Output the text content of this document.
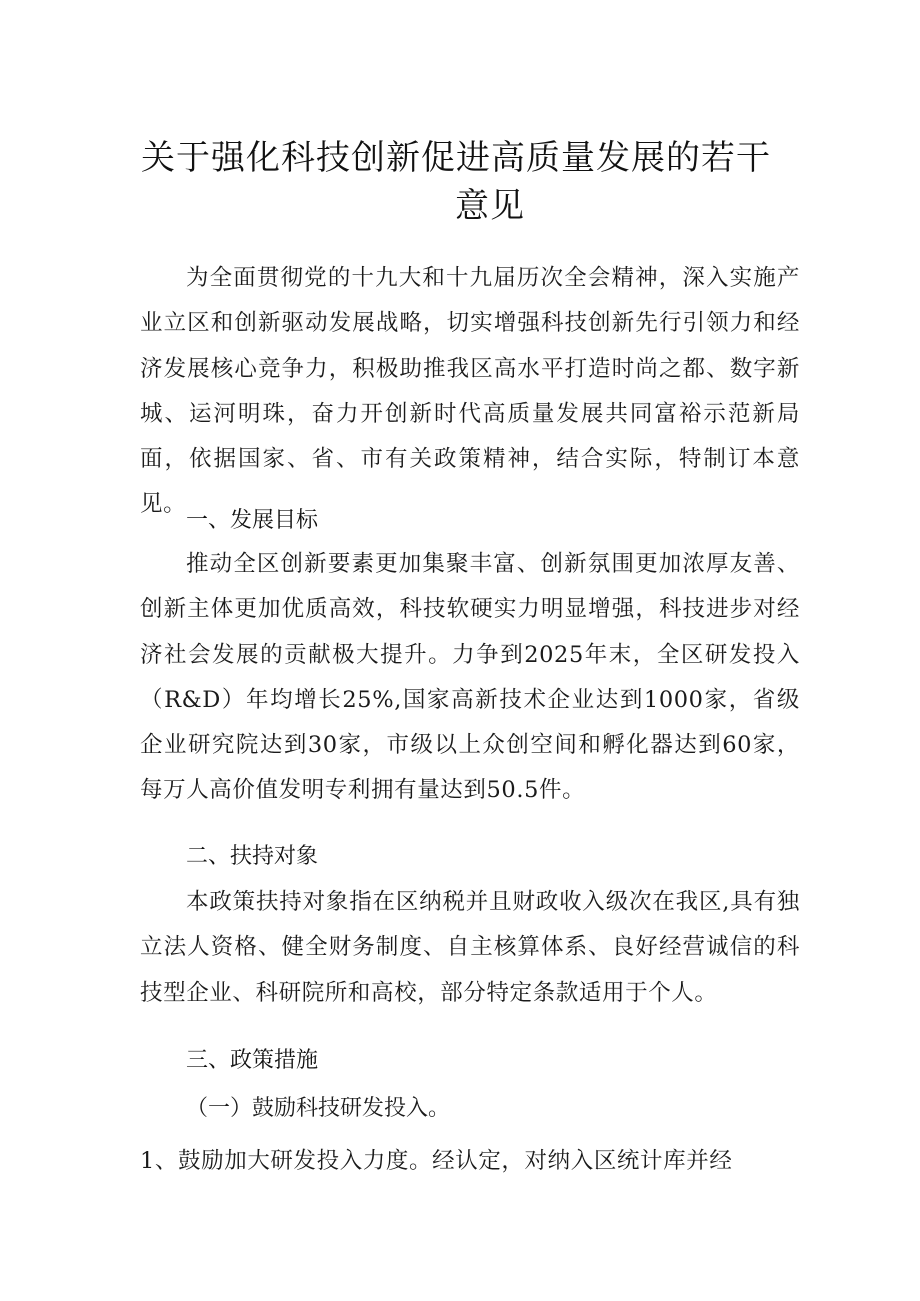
关于强化科技创新促进高质量发展的若干
意见

为全面贯彻党的十九大和十九届历次全会精神，深入实施产业立区和创新驱动发展战略，切实增强科技创新先行引领力和经济发展核心竞争力，积极助推我区高水平打造时尚之都、数字新城、运河明珠，奋力开创新时代高质量发展共同富裕示范新局面，依据国家、省、市有关政策精神，结合实际，特制订本意见。

一、发展目标

推动全区创新要素更加集聚丰富、创新氛围更加浓厚友善、创新主体更加优质高效，科技软硬实力明显增强，科技进步对经济社会发展的贡献极大提升。力争到2025年末，全区研发投入（R&D）年均增长25%,国家高新技术企业达到1000家，省级企业研究院达到30家，市级以上众创空间和孵化器达到60家，每万人高价值发明专利拥有量达到50.5件。

二、扶持对象

本政策扶持对象指在区纳税并且财政收入级次在我区,具有独立法人资格、健全财务制度、自主核算体系、良好经营诚信的科技型企业、科研院所和高校，部分特定条款适用于个人。

三、政策措施
（一）鼓励科技研发投入。
1、鼓励加大研发投入力度。经认定，对纳入区统计库并经
